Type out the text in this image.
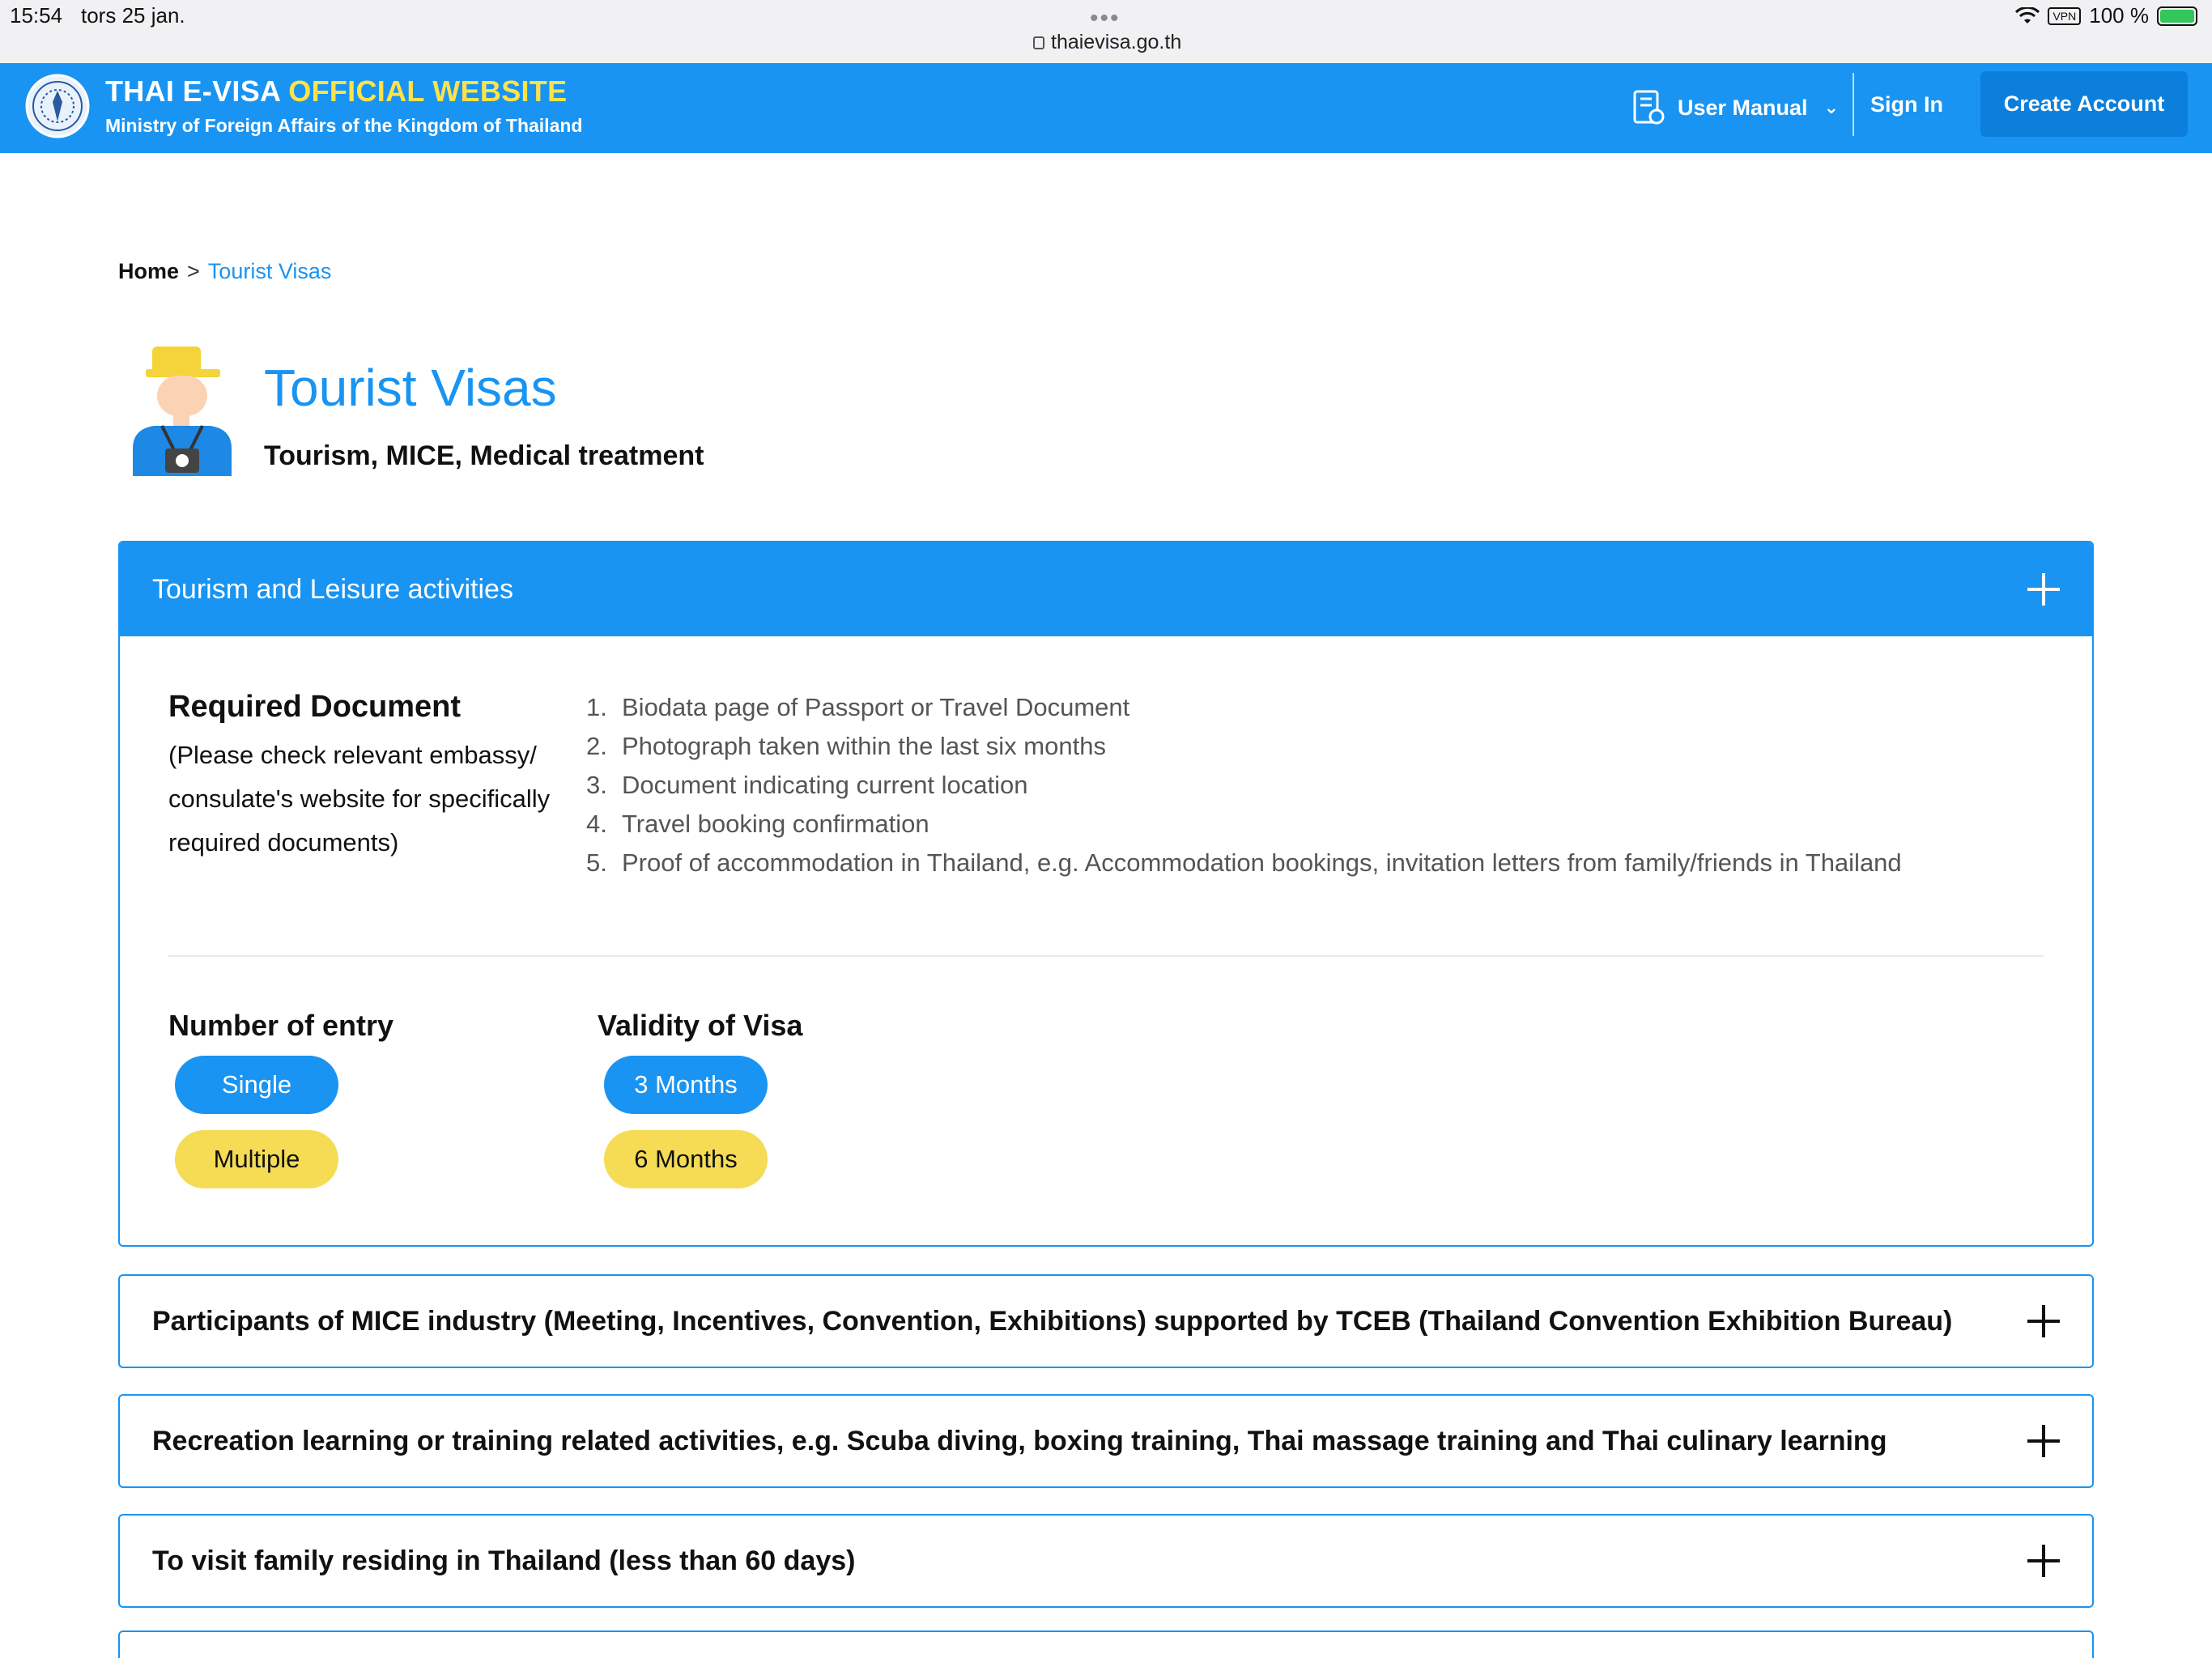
15:54 tors 25 jan.	•••
thaievisa.go.th
VPN 100 %
THAI E-VISA OFFICIAL WEBSITE
Ministry of Foreign Affairs of the Kingdom of Thailand
User Manual ⌄ Sign In	Create Account
Home > Tourist Visas
Tourist Visas
Tourism, MICE, Medical treatment
Tourism and Leisure activities
Required Document
(Please check relevant embassy/ consulate's website for specifically required documents)
1. Biodata page of Passport or Travel Document
2. Photograph taken within the last six months
3. Document indicating current location
4. Travel booking confirmation
5. Proof of accommodation in Thailand, e.g. Accommodation bookings, invitation letters from family/friends in Thailand
Number of entry
Single
Multiple
Validity of Visa
3 Months
6 Months
Participants of MICE industry (Meeting, Incentives, Convention, Exhibitions) supported by TCEB (Thailand Convention Exhibition Bureau)
Recreation learning or training related activities, e.g. Scuba diving, boxing training, Thai massage training and Thai culinary learning
To visit family residing in Thailand (less than 60 days)
